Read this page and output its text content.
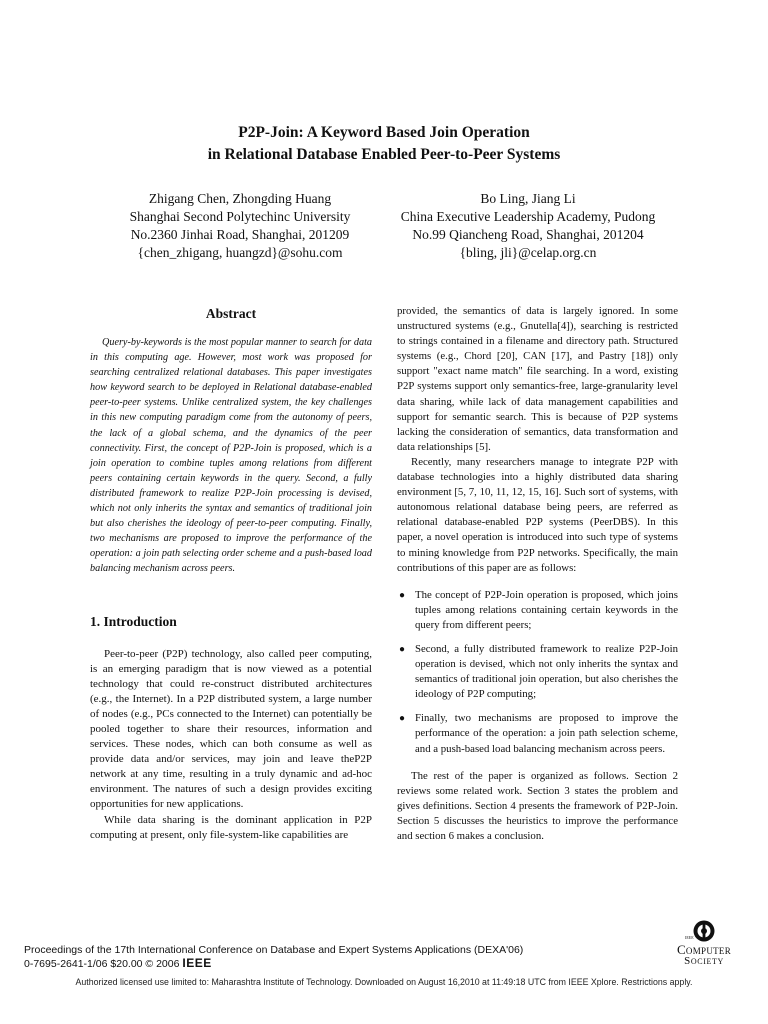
P2P-Join: A Keyword Based Join Operation
in Relational Database Enabled Peer-to-Peer Systems
Zhigang Chen, Zhongding Huang
Shanghai Second Polytechinc University
No.2360 Jinhai Road, Shanghai, 201209
{chen_zhigang, huangzd}@sohu.com
Bo Ling, Jiang Li
China Executive Leadership Academy, Pudong
No.99 Qiancheng Road, Shanghai, 201204
{bling, jli}@celap.org.cn
Abstract

Query-by-keywords is the most popular manner to search for data in this computing age. However, most work was proposed for searching centralized relational databases. This paper investigates how keyword search to be deployed in Relational database-enabled peer-to-peer systems. Unlike centralized system, the key challenges in this new computing paradigm come from the autonomy of peers, the lack of a global schema, and the dynamics of the peer connectivity. First, the concept of P2P-Join is proposed, which is a join operation to combine tuples among relations from different peers containing certain keywords in the query. Second, a fully distributed framework to realize P2P-Join processing is devised, which not only inherits the syntax and semantics of traditional join but also cherishes the ideology of peer-to-peer computing. Finally, two mechanisms are proposed to improve the performance of the operation: a join path selecting order scheme and a push-based load balancing mechanism across peers.

1. Introduction

Peer-to-peer (P2P) technology, also called peer computing, is an emerging paradigm that is now viewed as a potential technology that could re-construct distributed architectures (e.g., the Internet). In a P2P distributed system, a large number of nodes (e.g., PCs connected to the Internet) can potentially be pooled together to share their resources, information and services. These nodes, which can both consume as well as provide data and/or services, may join and leave theP2P network at any time, resulting in a truly dynamic and ad-hoc environment. The natures of such a design provides exciting opportunities for new applications.

While data sharing is the dominant application in P2P computing at present, only file-system-like capabilities are

provided, the semantics of data is largely ignored. In some unstructured systems (e.g., Gnutella[4]), searching is restricted to strings contained in a filename and directory path. Structured systems (e.g., Chord [20], CAN [17], and Pastry [18]) only support "exact name match" file searching. In a word, existing P2P systems support only semantics-free, large-granularity level data sharing, while lack of data management capabilities and support for semantic search. This is because of P2P systems lacking the consideration of semantics, data transformation and data relationships [5].

Recently, many researchers manage to integrate P2P with database technologies into a highly distributed data sharing environment [5, 7, 10, 11, 12, 15, 16]. Such sort of systems, with autonomous relational database being peers, are referred as relational database-enabled P2P systems (PeerDBS). In this paper, a novel operation is introduced into such type of systems to mining knowledge from P2P networks. Specifically, the main contributions of this paper are as follows:

● The concept of P2P-Join operation is proposed, which joins tuples among relations containing certain keywords in the query from different peers;
● Second, a fully distributed framework to realize P2P-Join operation is devised, which not only inherits the syntax and semantics of traditional join operation, but also cherishes the ideology of P2P computing;
● Finally, two mechanisms are proposed to improve the performance of the operation: a join path selection scheme, and a push-based load balancing mechanism across peers.

The rest of the paper is organized as follows. Section 2 reviews some related work. Section 3 states the problem and gives definitions. Section 4 presents the framework of P2P-Join. Section 5 discusses the heuristics to improve the performance and section 6 makes a conclusion.

Proceedings of the 17th International Conference on Database and Expert Systems Applications (DEXA'06)
0-7695-2641-1/06 $20.00 © 2006 IEEE
IEEE
Computer
Society
Authorized licensed use limited to: Maharashtra Institute of Technology. Downloaded on August 16,2010 at 11:49:18 UTC from IEEE Xplore. Restrictions apply.
